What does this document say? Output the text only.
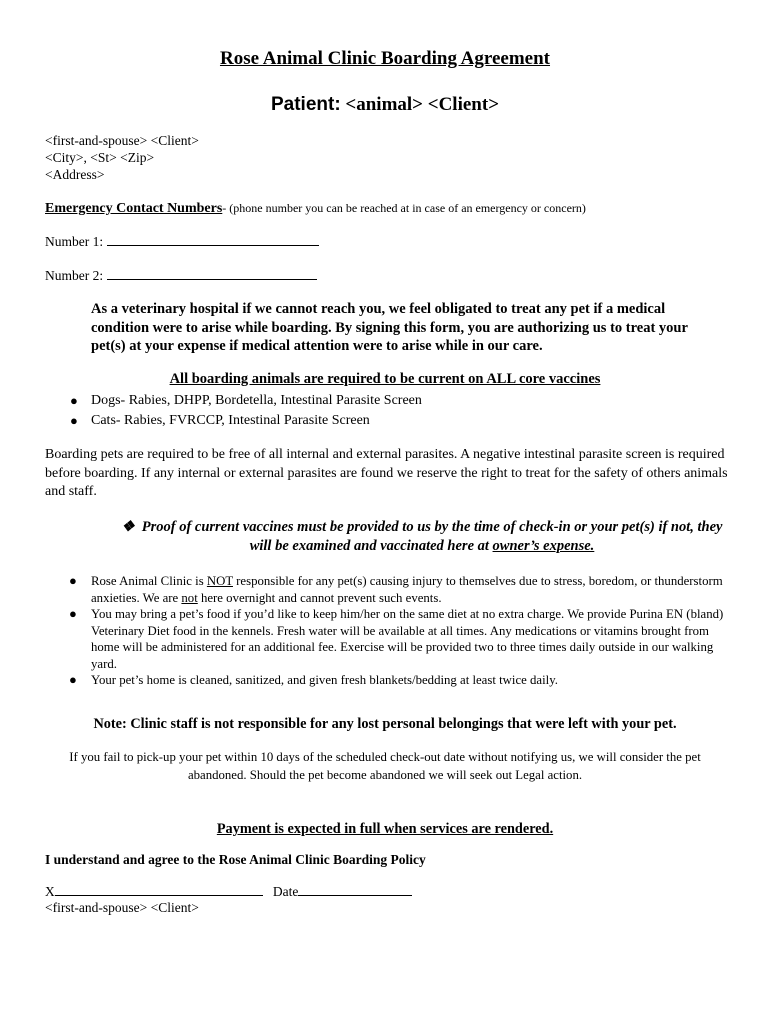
Rose Animal Clinic Boarding Agreement
Patient: <animal> <Client>
<first-and-spouse> <Client>
<City>, <St> <Zip>
<Address>
Emergency Contact Numbers- (phone number you can be reached at in case of an emergency or concern)
Number 1:
Number 2:
As a veterinary hospital if we cannot reach you, we feel obligated to treat any pet if a medical condition were to arise while boarding. By signing this form, you are authorizing us to treat your pet(s) at your expense if medical attention were to arise while in our care.
All boarding animals are required to be current on ALL core vaccines
● Dogs- Rabies, DHPP, Bordetella, Intestinal Parasite Screen
● Cats- Rabies, FVRCCP, Intestinal Parasite Screen
Boarding pets are required to be free of all internal and external parasites. A negative intestinal parasite screen is required before boarding. If any internal or external parasites are found we reserve the right to treat for the safety of others animals and staff.
❖ Proof of current vaccines must be provided to us by the time of check-in or your pet(s) if not, they will be examined and vaccinated here at owner’s expense.
● Rose Animal Clinic is NOT responsible for any pet(s) causing injury to themselves due to stress, boredom, or thunderstorm anxieties. We are not here overnight and cannot prevent such events.
● You may bring a pet’s food if you’d like to keep him/her on the same diet at no extra charge. We provide Purina EN (bland) Veterinary Diet food in the kennels. Fresh water will be available at all times. Any medications or vitamins brought from home will be administered for an additional fee. Exercise will be provided two to three times daily outside in our walking yard.
● Your pet’s home is cleaned, sanitized, and given fresh blankets/bedding at least twice daily.
Note: Clinic staff is not responsible for any lost personal belongings that were left with your pet.
If you fail to pick-up your pet within 10 days of the scheduled check-out date without notifying us, we will consider the pet abandoned. Should the pet become abandoned we will seek out Legal action.
Payment is expected in full when services are rendered.
I understand and agree to the Rose Animal Clinic Boarding Policy
X	Date
<first-and-spouse> <Client>
